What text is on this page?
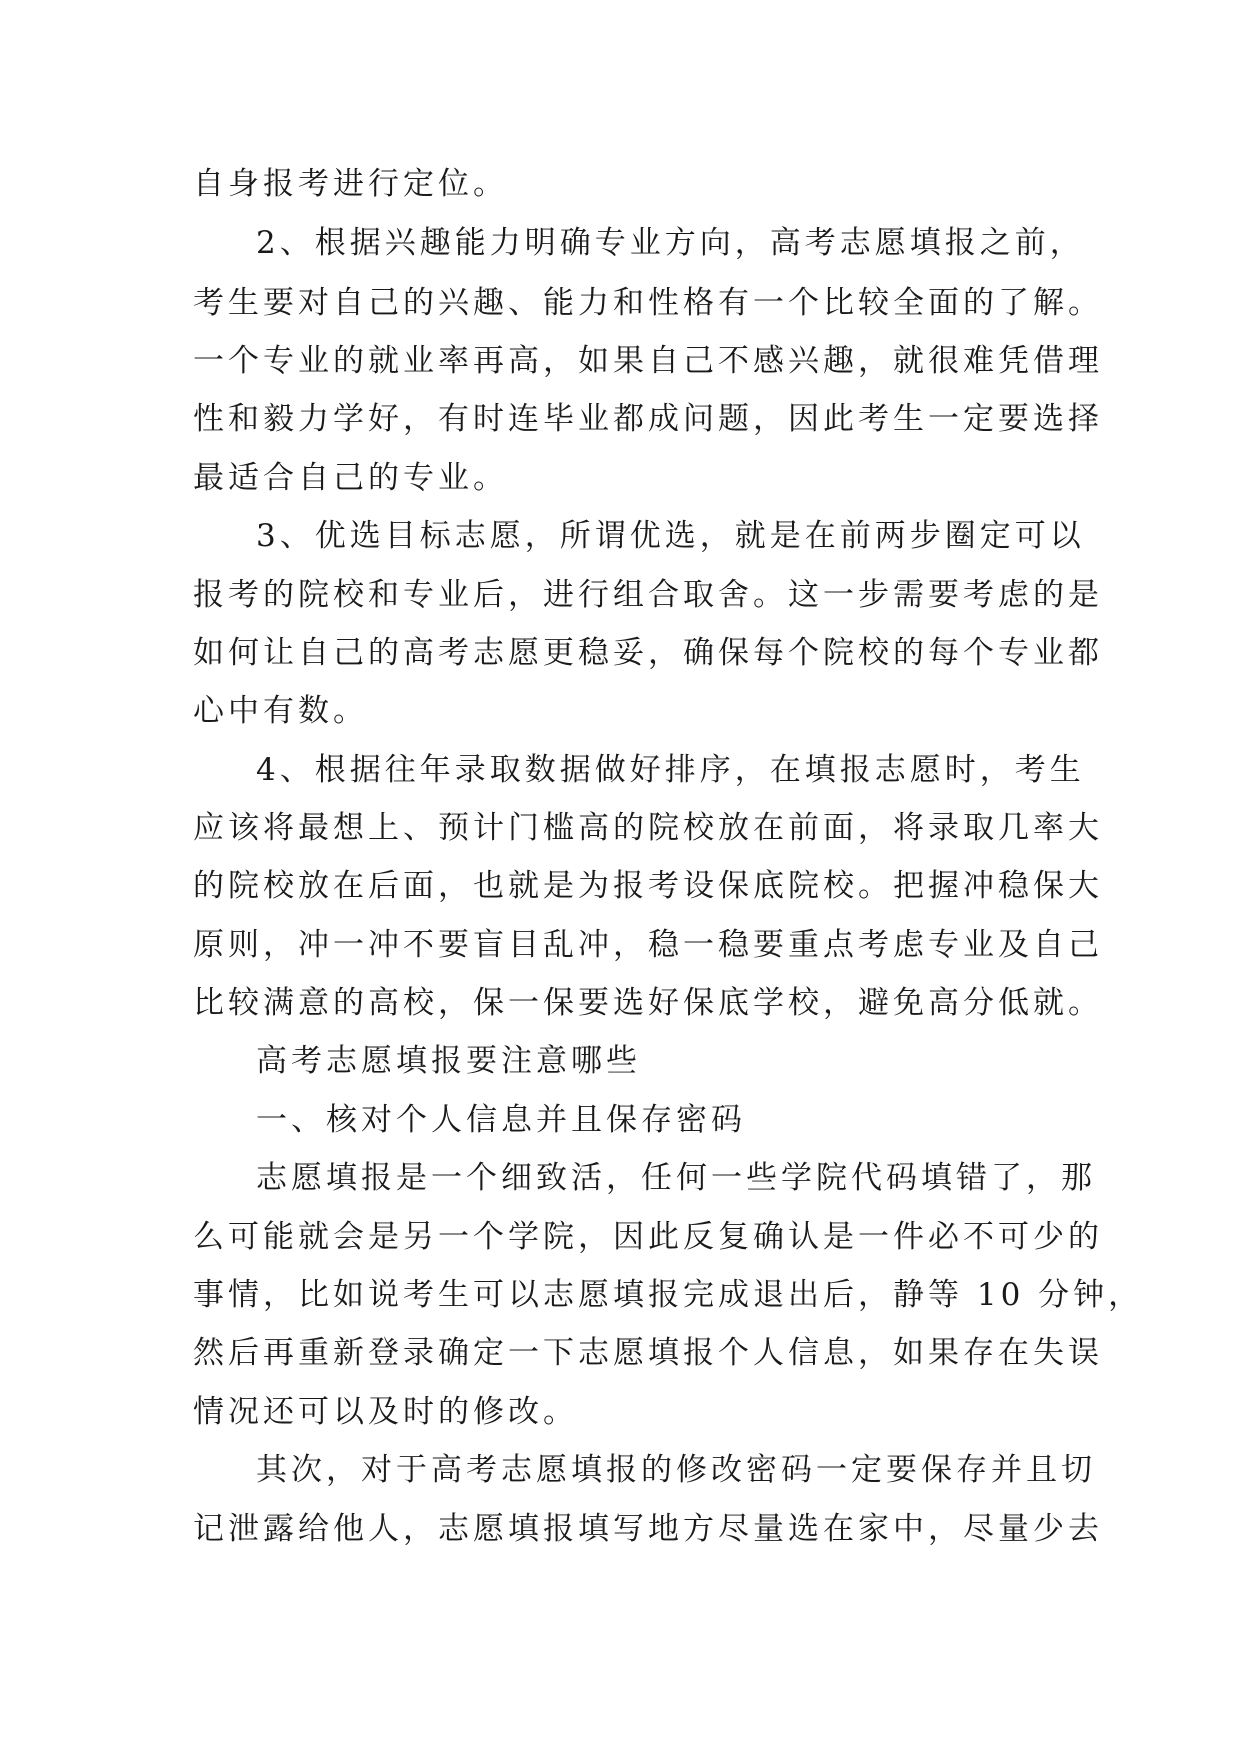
自身报考进行定位。
2、根据兴趣能力明确专业方向，高考志愿填报之前，
考生要对自己的兴趣、能力和性格有一个比较全面的了解。
一个专业的就业率再高，如果自己不感兴趣，就很难凭借理
性和毅力学好，有时连毕业都成问题，因此考生一定要选择
最适合自己的专业。
3、优选目标志愿，所谓优选，就是在前两步圈定可以
报考的院校和专业后，进行组合取舍。这一步需要考虑的是
如何让自己的高考志愿更稳妥，确保每个院校的每个专业都
心中有数。
4、根据往年录取数据做好排序，在填报志愿时，考生
应该将最想上、预计门槛高的院校放在前面，将录取几率大
的院校放在后面，也就是为报考设保底院校。把握冲稳保大
原则，冲一冲不要盲目乱冲，稳一稳要重点考虑专业及自己
比较满意的高校，保一保要选好保底学校，避免高分低就。
高考志愿填报要注意哪些
一、核对个人信息并且保存密码
志愿填报是一个细致活，任何一些学院代码填错了，那
么可能就会是另一个学院，因此反复确认是一件必不可少的
事情，比如说考生可以志愿填报完成退出后，静等 10 分钟，
然后再重新登录确定一下志愿填报个人信息，如果存在失误
情况还可以及时的修改。
其次，对于高考志愿填报的修改密码一定要保存并且切
记泄露给他人，志愿填报填写地方尽量选在家中，尽量少去
